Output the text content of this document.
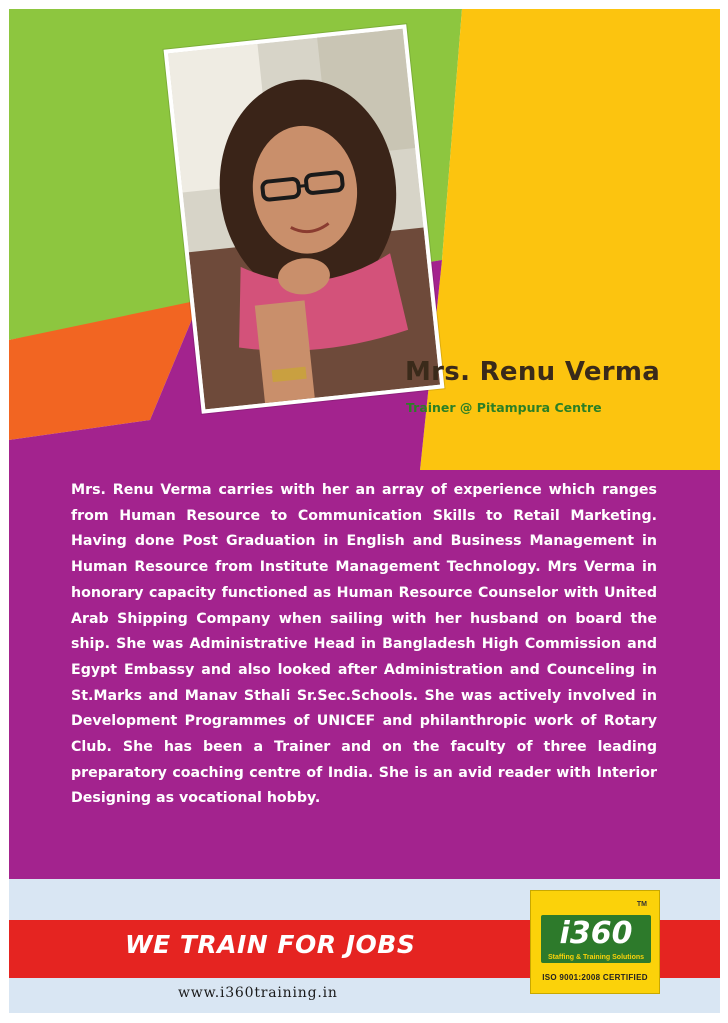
Mrs. Renu Verma

Trainer @ Pitampura Centre

Mrs. Renu Verma carries with her an array of experience which ranges from Human Resource to Communication Skills to Retail Marketing. Having done Post Graduation in English and Business Management in Human Resource from Institute Management Technology. Mrs Verma in honorary capacity functioned as Human Resource Counselor with United Arab Shipping Company when sailing with her husband on board the ship. She was Administrative Head in Bangladesh High Commission and Egypt Embassy and also looked after Administration and Counceling in St.Marks and Manav Sthali Sr.Sec.Schools. She was actively involved in Development Programmes of UNICEF and philanthropic work of Rotary Club. She has been a Trainer and on the faculty of three leading preparatory coaching centre of India. She is an avid reader with Interior Designing as vocational hobby.

WE TRAIN FOR JOBS

www.i360training.in

TM

i360

Staffing & Training Solutions

ISO 9001:2008 CERTIFIED
